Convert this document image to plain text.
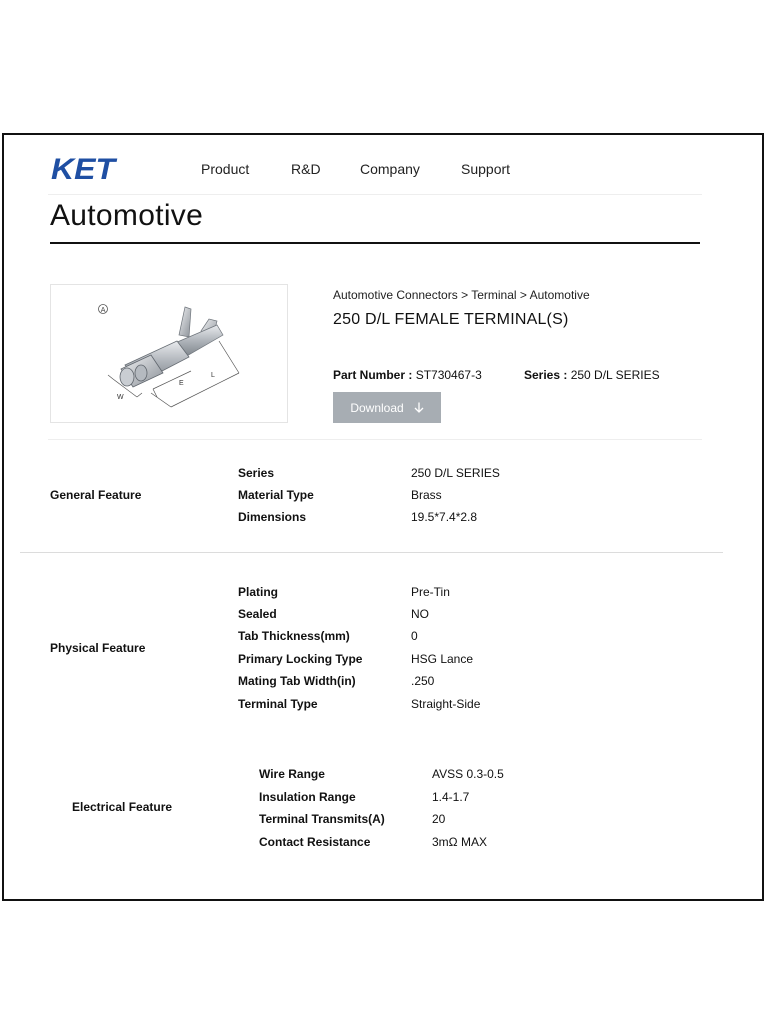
KET	Product	R&D	Company	Support
Automotive
A
W
E
L
Automotive Connectors > Terminal > Automotive
250 D/L FEMALE TERMINAL(S)
Part Number : ST730467-3	Series : 250 D/L SERIES
Download
General Feature
Series	250 D/L SERIES
Material Type	Brass
Dimensions	19.5*7.4*2.8
Physical Feature
Plating	Pre-Tin
Sealed	NO
Tab Thickness(mm)	0
Primary Locking Type	HSG Lance
Mating Tab Width(in)	.250
Terminal Type	Straight-Side
Electrical Feature
Wire Range	AVSS 0.3-0.5
Insulation Range	1.4-1.7
Terminal Transmits(A)	20
Contact Resistance	3mΩ MAX
